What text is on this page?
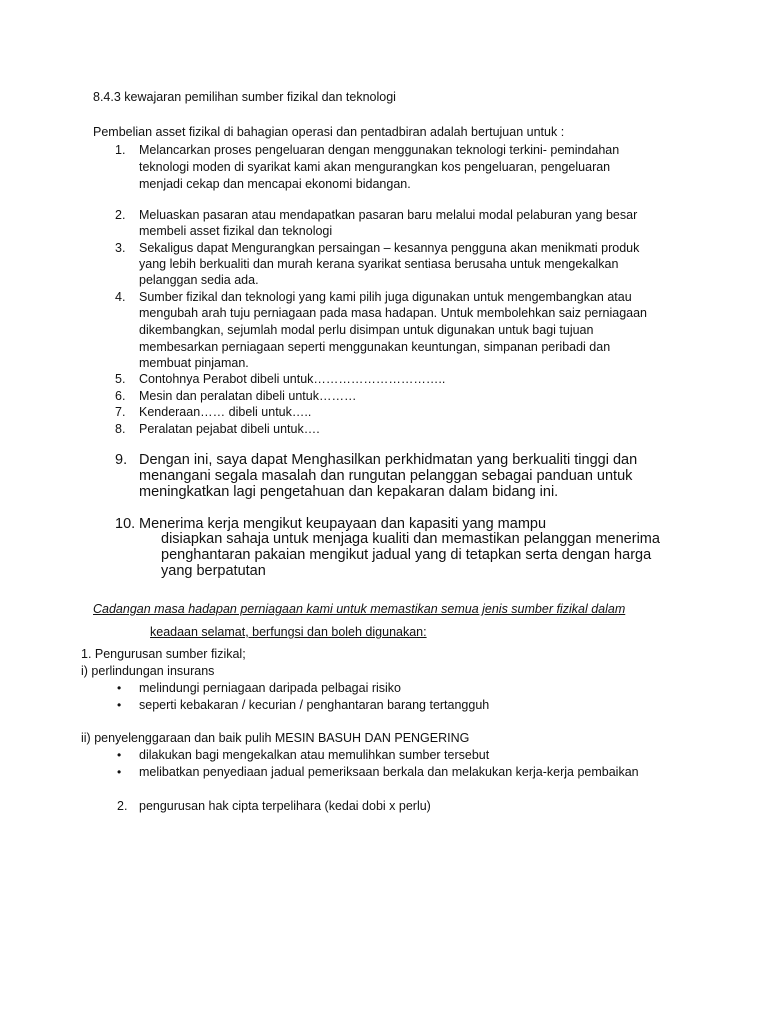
8.4.3 kewajaran pemilihan sumber fizikal dan teknologi

Pembelian asset fizikal di bahagian operasi dan pentadbiran adalah bertujuan untuk :

1. Melancarkan proses pengeluaran dengan menggunakan teknologi terkini- pemindahan

teknologi moden di syarikat kami akan mengurangkan kos pengeluaran, pengeluaran

menjadi cekap dan mencapai ekonomi bidangan.

2. Meluaskan pasaran atau mendapatkan pasaran baru melalui modal pelaburan yang besar

membeli asset fizikal dan teknologi

3. Sekaligus dapat Mengurangkan persaingan – kesannya pengguna akan menikmati produk

yang lebih berkualiti dan murah kerana syarikat sentiasa berusaha untuk mengekalkan

pelanggan sedia ada.

4. Sumber fizikal dan teknologi yang kami pilih juga digunakan untuk mengembangkan atau

mengubah arah tuju perniagaan pada masa hadapan. Untuk membolehkan saiz perniagaan

dikembangkan, sejumlah modal perlu disimpan untuk digunakan untuk bagi tujuan

membesarkan perniagaan seperti menggunakan keuntungan, simpanan peribadi dan

membuat pinjaman.

5. Contohnya Perabot dibeli untuk…………………………..

6. Mesin dan peralatan dibeli untuk………

7. Kenderaan…… dibeli untuk…..

8. Peralatan pejabat dibeli untuk….

9. Dengan ini, saya dapat Menghasilkan perkhidmatan yang berkualiti tinggi dan

menangani segala masalah dan rungutan pelanggan sebagai panduan untuk

meningkatkan lagi pengetahuan dan kepakaran dalam bidang ini.

10. Menerima kerja mengikut keupayaan dan kapasiti yang mampu

disiapkan sahaja untuk menjaga kualiti dan memastikan pelanggan menerima

penghantaran pakaian mengikut jadual yang di tetapkan serta dengan harga

yang berpatutan

Cadangan masa hadapan perniagaan kami untuk memastikan semua jenis sumber fizikal dalam

keadaan selamat, berfungsi dan boleh digunakan:

1. Pengurusan sumber fizikal;

i) perlindungan insurans

• melindungi perniagaan daripada pelbagai risiko

• seperti kebakaran / kecurian / penghantaran barang tertangguh

ii) penyelenggaraan dan baik pulih MESIN BASUH DAN PENGERING

• dilakukan bagi mengekalkan atau memulihkan sumber tersebut

• melibatkan penyediaan jadual pemeriksaan berkala dan melakukan kerja-kerja pembaikan

2. pengurusan hak cipta terpelihara (kedai dobi x perlu)
